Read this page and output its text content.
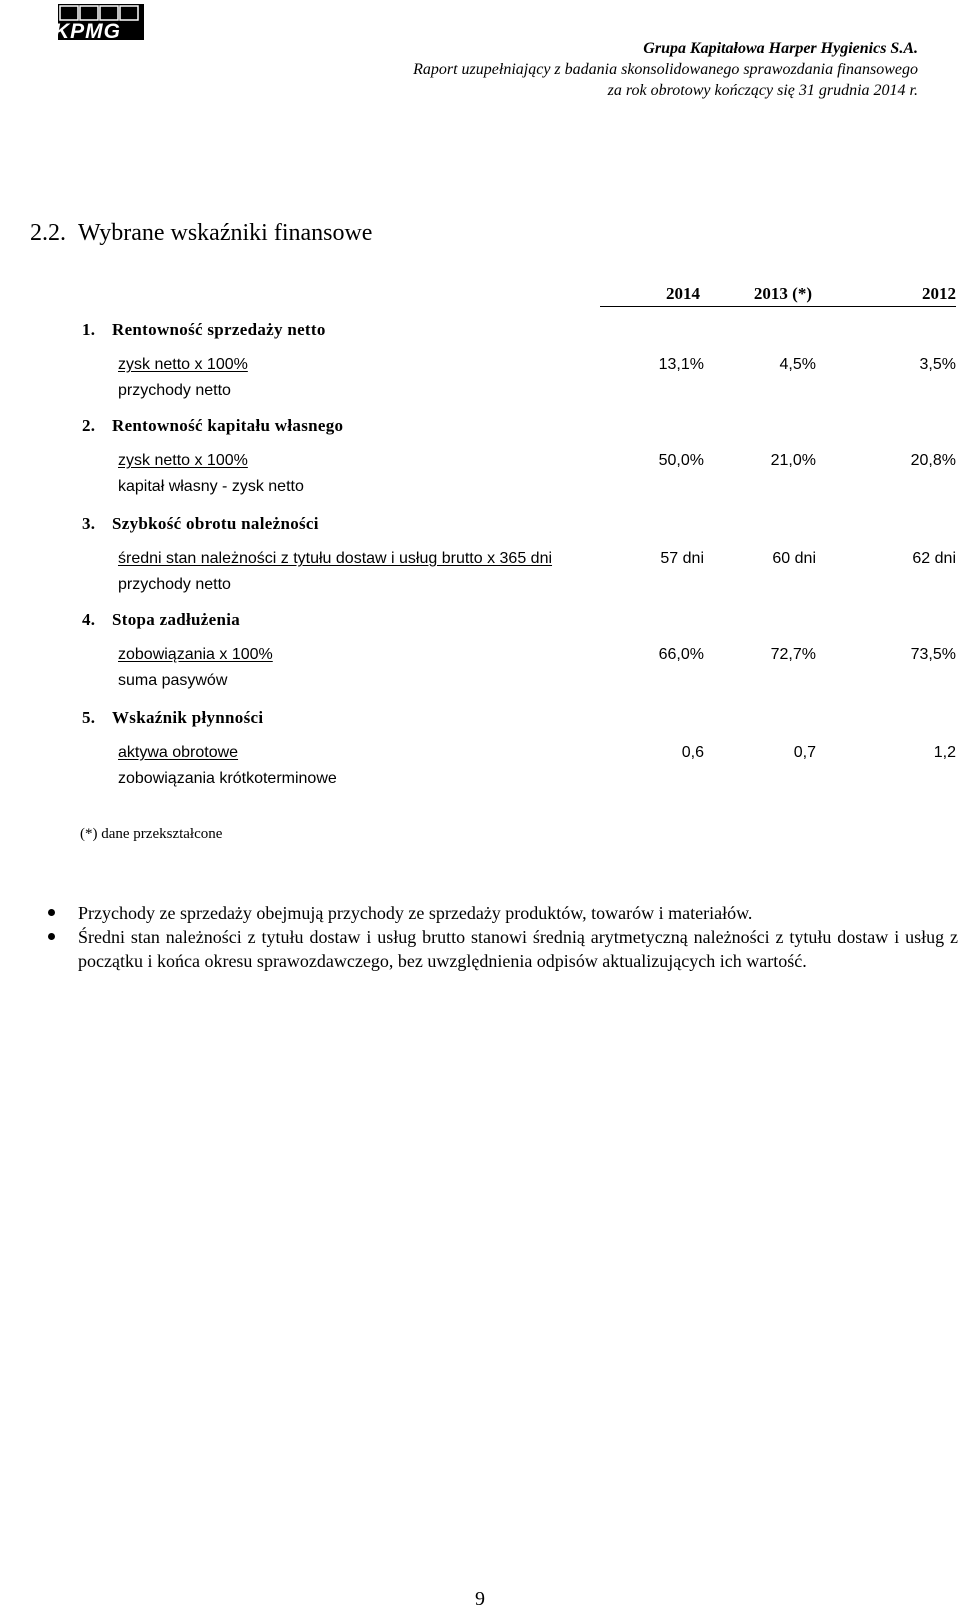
KPMG
Grupa Kapitałowa Harper Hygienics S.A.
Raport uzupełniający z badania skonsolidowanego sprawozdania finansowego
za rok obrotowy kończący się 31 grudnia 2014 r.
2.2. Wybrane wskaźniki finansowe
2014	2013 (*)	2012
1. Rentowność sprzedaży netto
zysk netto x 100%
przychody netto
13,1%	4,5%	3,5%
2. Rentowność kapitału własnego
zysk netto x 100%
kapitał własny - zysk netto
50,0%	21,0%	20,8%
3. Szybkość obrotu należności
średni stan należności z tytułu dostaw i usług brutto x 365 dni
przychody netto
57 dni	60 dni	62 dni
4. Stopa zadłużenia
zobowiązania x 100%
suma pasywów
66,0%	72,7%	73,5%
5. Wskaźnik płynności
aktywa obrotowe
zobowiązania krótkoterminowe
0,6	0,7	1,2
(*) dane przekształcone
Przychody ze sprzedaży obejmują przychody ze sprzedaży produktów, towarów i materiałów.
Średni stan należności z tytułu dostaw i usług brutto stanowi średnią arytmetyczną należności z tytułu dostaw i usług z początku i końca okresu sprawozdawczego, bez uwzględnienia odpisów aktualizujących ich wartość.
9
